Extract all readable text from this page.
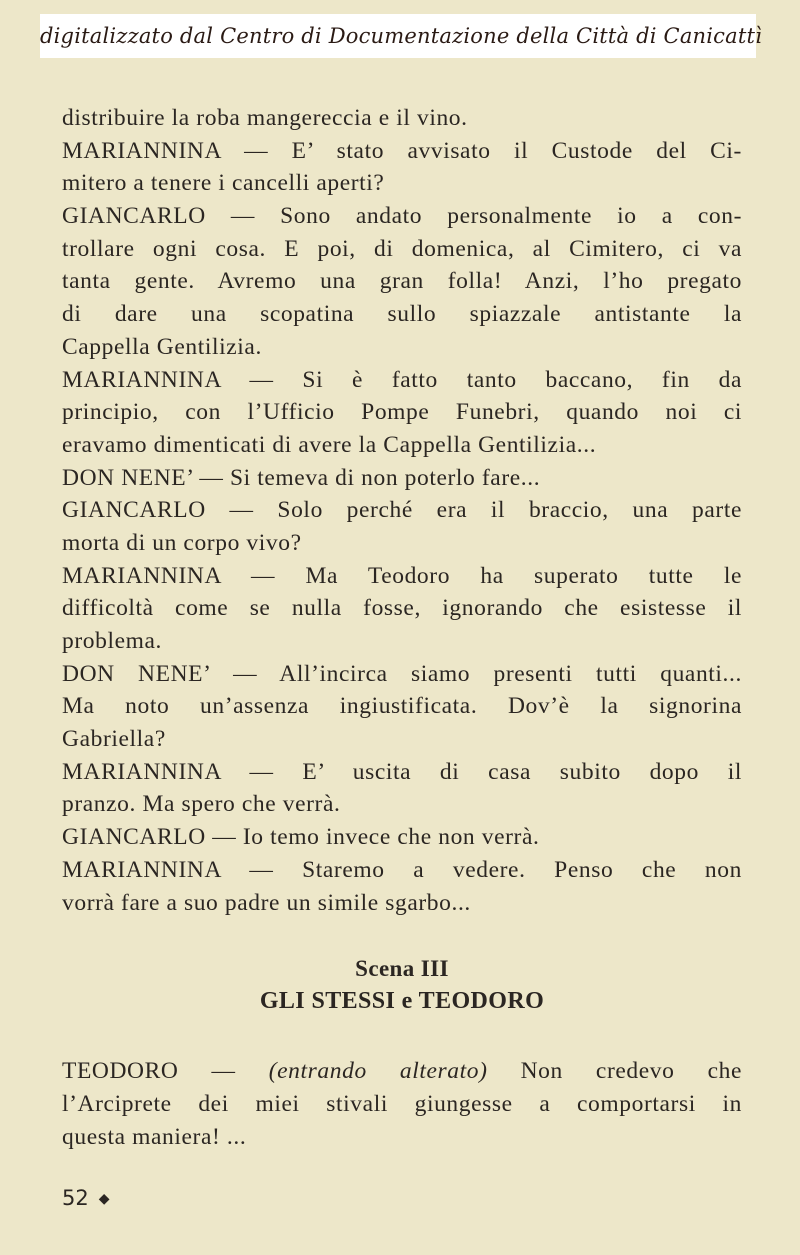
digitalizzato dal Centro di Documentazione della Città di Canicattì
distribuire la roba mangereccia e il vino.
MARIANNINA — E’ stato avvisato il Custode del Ci-
mitero a tenere i cancelli aperti?
GIANCARLO — Sono andato personalmente io a con-
trollare ogni cosa. E poi, di domenica, al Cimitero, ci va
tanta gente. Avremo una gran folla! Anzi, l’ho pregato
di dare una scopatina sullo spiazzale antistante la
Cappella Gentilizia.
MARIANNINA — Si è fatto tanto baccano, fin da
principio, con l’Ufficio Pompe Funebri, quando noi ci
eravamo dimenticati di avere la Cappella Gentilizia...
DON NENE’ — Si temeva di non poterlo fare...
GIANCARLO — Solo perché era il braccio, una parte
morta di un corpo vivo?
MARIANNINA — Ma Teodoro ha superato tutte le
difficoltà come se nulla fosse, ignorando che esistesse il
problema.
DON NENE’ — All’incirca siamo presenti tutti quanti...
Ma noto un’assenza ingiustificata. Dov’è la signorina
Gabriella?
MARIANNINA — E’ uscita di casa subito dopo il
pranzo. Ma spero che verrà.
GIANCARLO — Io temo invece che non verrà.
MARIANNINA — Staremo a vedere. Penso che non
vorrà fare a suo padre un simile sgarbo...
Scena III
GLI STESSI e TEODORO
TEODORO — (entrando alterato) Non credevo che
l’Arciprete dei miei stivali giungesse a comportarsi in
questa maniera! ...
52 ◆
